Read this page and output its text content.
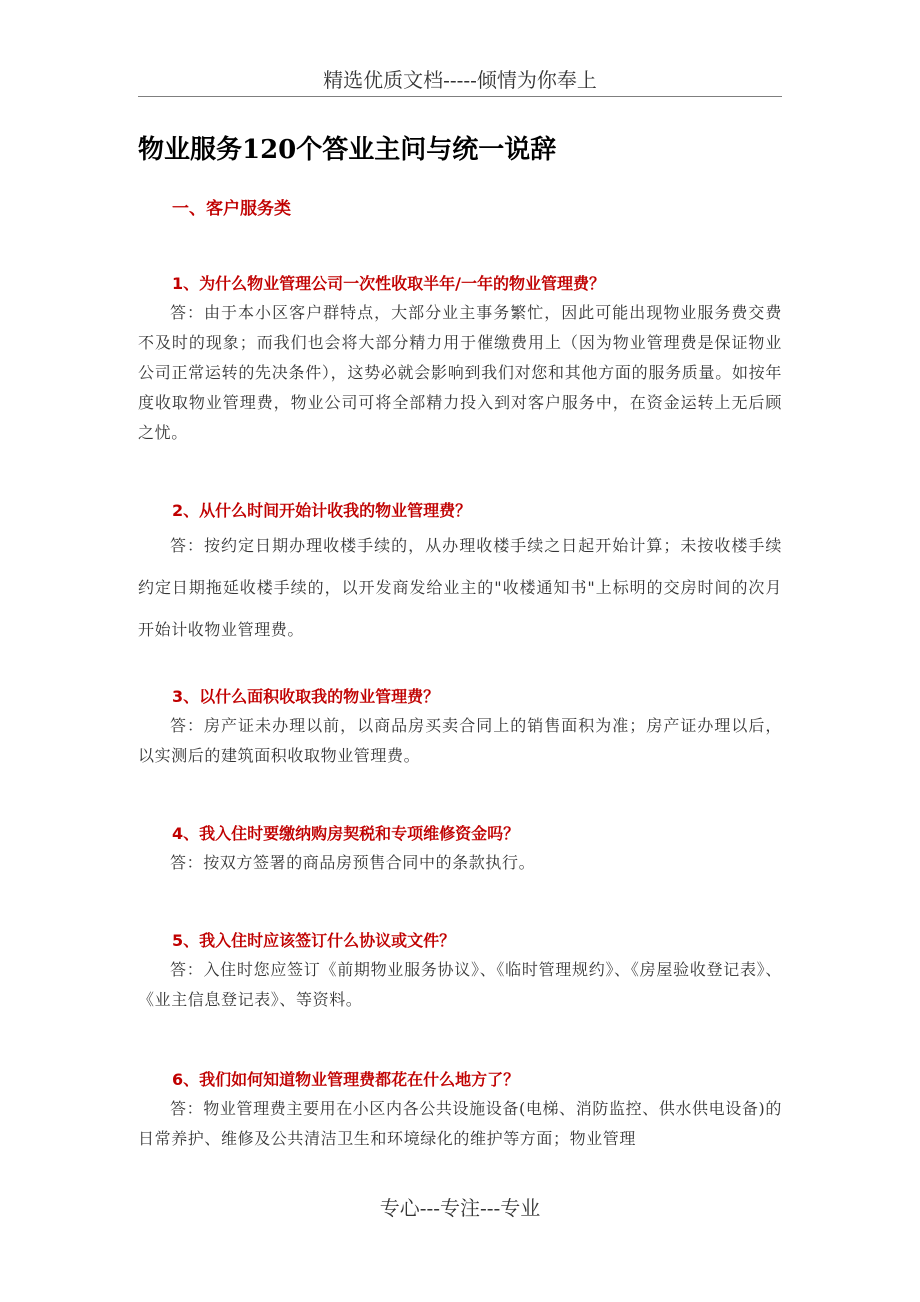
精选优质文档-----倾情为你奉上
物业服务120个答业主问与统一说辞
一、客户服务类

1、为什么物业管理公司一次性收取半年/一年的物业管理费？

答：由于本小区客户群特点，大部分业主事务繁忙，因此可能出现物业服务费交费不及时的现象；而我们也会将大部分精力用于催缴费用上（因为物业管理费是保证物业公司正常运转的先决条件），这势必就会影响到我们对您和其他方面的服务质量。如按年度收取物业管理费，物业公司可将全部精力投入到对客户服务中，在资金运转上无后顾之忧。

2、从什么时间开始计收我的物业管理费？

答：按约定日期办理收楼手续的，从办理收楼手续之日起开始计算；未按收楼手续约定日期拖延收楼手续的，以开发商发给业主的"收楼通知书"上标明的交房时间的次月开始计收物业管理费。

3、以什么面积收取我的物业管理费？

答：房产证未办理以前，以商品房买卖合同上的销售面积为准；房产证办理以后，以实测后的建筑面积收取物业管理费。

4、我入住时要缴纳购房契税和专项维修资金吗？

答：按双方签署的商品房预售合同中的条款执行。

5、我入住时应该签订什么协议或文件？

答：入住时您应签订《前期物业服务协议》、《临时管理规约》、《房屋验收登记表》、《业主信息登记表》、等资料。

6、我们如何知道物业管理费都花在什么地方了？

答：物业管理费主要用在小区内各公共设施设备(电梯、消防监控、供水供电设备)的日常养护、维修及公共清洁卫生和环境绿化的维护等方面；物业管理

专心---专注---专业
